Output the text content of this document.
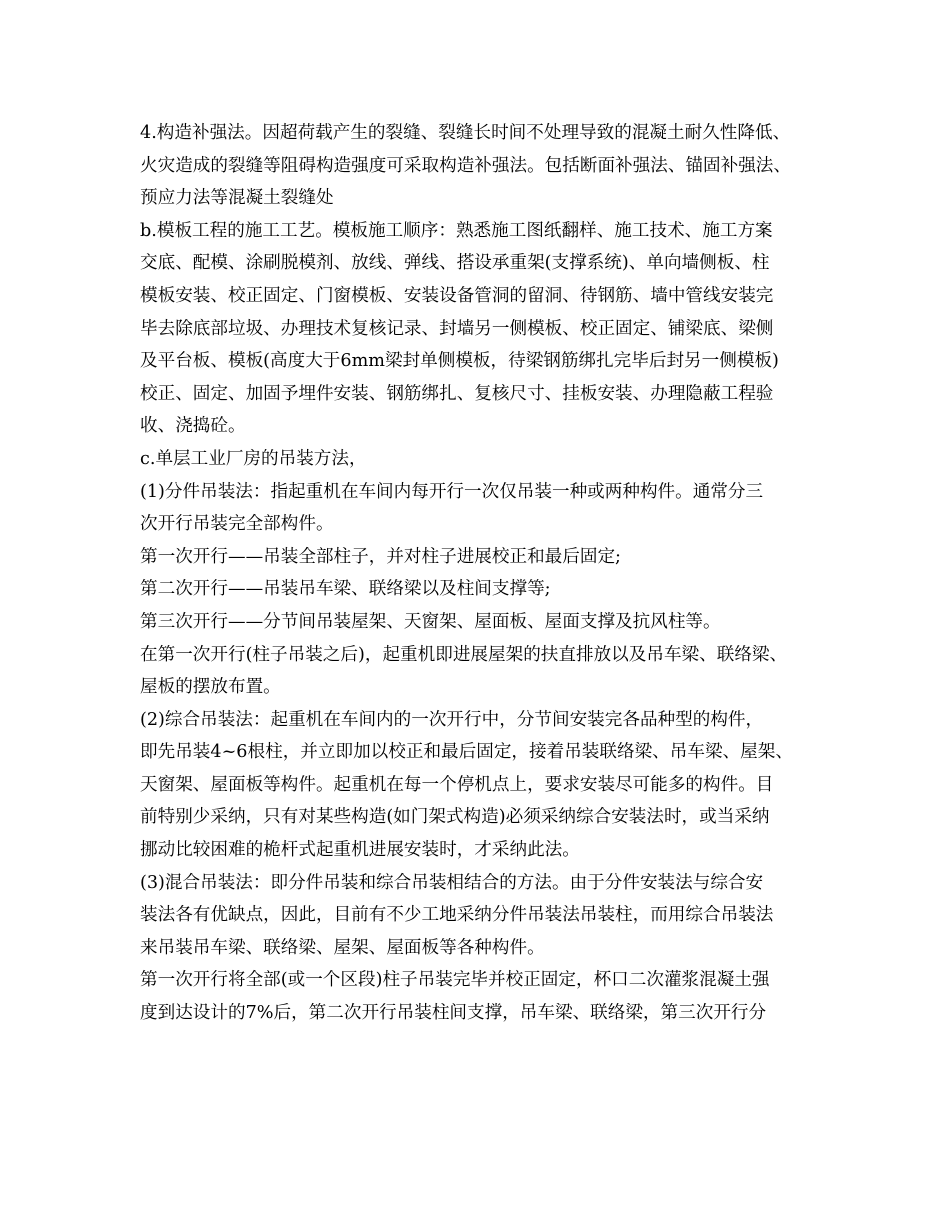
4.构造补强法。因超荷载产生的裂缝、裂缝长时间不处理导致的混凝土耐久性降低、
火灾造成的裂缝等阻碍构造强度可采取构造补强法。包括断面补强法、锚固补强法、
预应力法等混凝土裂缝处
b.模板工程的施工工艺。模板施工顺序：熟悉施工图纸翻样、施工技术、施工方案
交底、配模、涂刷脱模剂、放线、弹线、搭设承重架(支撑系统)、单向墙侧板、柱
模板安装、校正固定、门窗模板、安装设备管洞的留洞、待钢筋、墙中管线安装完
毕去除底部垃圾、办理技术复核记录、封墙另一侧模板、校正固定、铺梁底、梁侧
及平台板、模板(高度大于6mm梁封单侧模板，待梁钢筋绑扎完毕后封另一侧模板)
校正、固定、加固予埋件安装、钢筋绑扎、复核尺寸、挂板安装、办理隐蔽工程验
收、浇捣砼。
c.单层工业厂房的吊装方法，
(1)分件吊装法：指起重机在车间内每开行一次仅吊装一种或两种构件。通常分三
次开行吊装完全部构件。
第一次开行——吊装全部柱子，并对柱子进展校正和最后固定;
第二次开行——吊装吊车梁、联络梁以及柱间支撑等;
第三次开行——分节间吊装屋架、天窗架、屋面板、屋面支撑及抗风柱等。
在第一次开行(柱子吊装之后)，起重机即进展屋架的扶直排放以及吊车梁、联络梁、
屋板的摆放布置。
(2)综合吊装法：起重机在车间内的一次开行中，分节间安装完各品种型的构件，
即先吊装4~6根柱，并立即加以校正和最后固定，接着吊装联络梁、吊车梁、屋架、
天窗架、屋面板等构件。起重机在每一个停机点上，要求安装尽可能多的构件。目
前特别少采纳，只有对某些构造(如门架式构造)必须采纳综合安装法时，或当采纳
挪动比较困难的桅杆式起重机进展安装时，才采纳此法。
(3)混合吊装法：即分件吊装和综合吊装相结合的方法。由于分件安装法与综合安
装法各有优缺点，因此，目前有不少工地采纳分件吊装法吊装柱，而用综合吊装法
来吊装吊车梁、联络梁、屋架、屋面板等各种构件。
第一次开行将全部(或一个区段)柱子吊装完毕并校正固定，杯口二次灌浆混凝土强
度到达设计的7%后，第二次开行吊装柱间支撑，吊车梁、联络梁，第三次开行分
